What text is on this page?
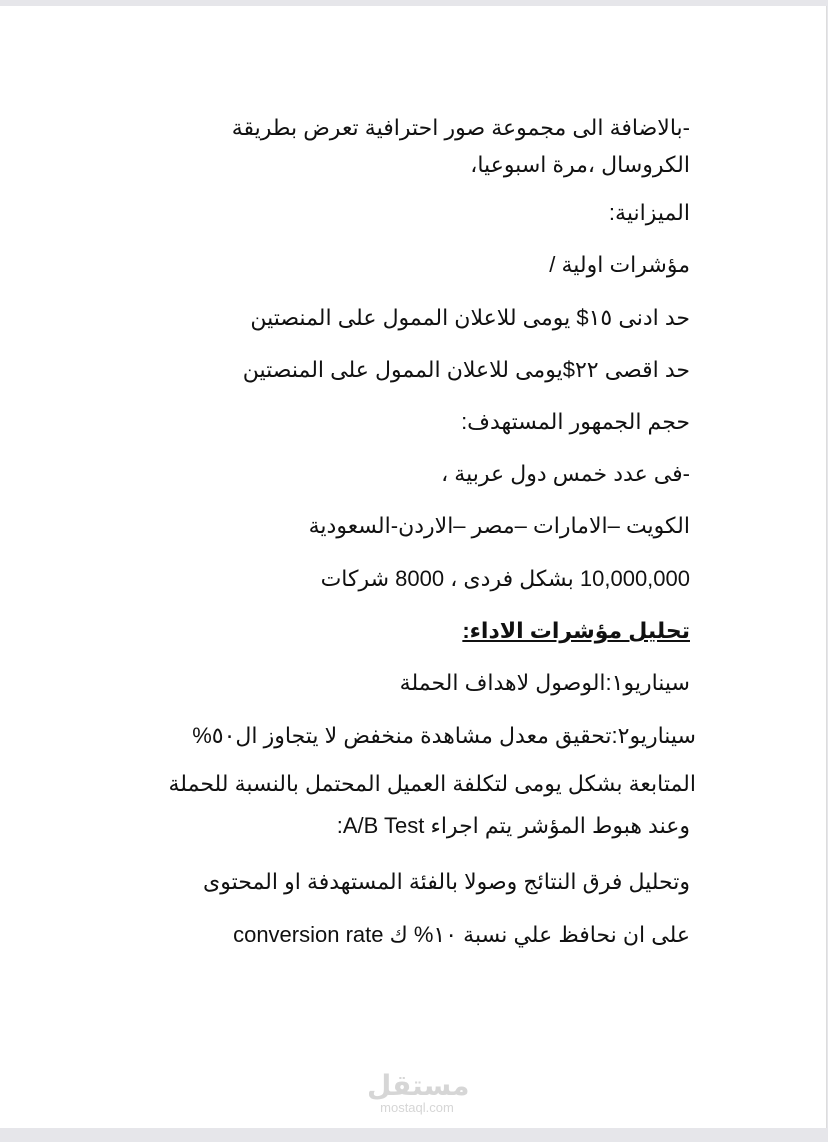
-بالاضافة الى مجموعة صور احترافية تعرض بطريقة
الكروسال ،مرة اسبوعيا،
الميزانية:
مؤشرات اولية /
حد ادنى ١٥$ يومى للاعلان الممول على المنصتين
حد اقصى ٢٢$يومى للاعلان الممول على المنصتين
حجم الجمهور المستهدف:
-فى عدد خمس دول عربية ،
الكويت –الامارات –مصر –الاردن-السعودية
10,000,000 بشكل فردى ، 8000 شركات
تحليل مؤشرات الاداء:
سيناريو١:الوصول لاهداف الحملة
سيناريو٢:تحقيق معدل مشاهدة منخفض لا يتجاوز ال٥٠%
المتابعة بشكل يومى لتكلفة العميل المحتمل بالنسبة للحملة
وعند هبوط المؤشر يتم اجراء A/B Test:
وتحليل فرق النتائج وصولا بالفئة المستهدفة او المحتوى
على ان نحافظ علي نسبة ١٠% ك conversion rate
مستقل
mostaql.com
